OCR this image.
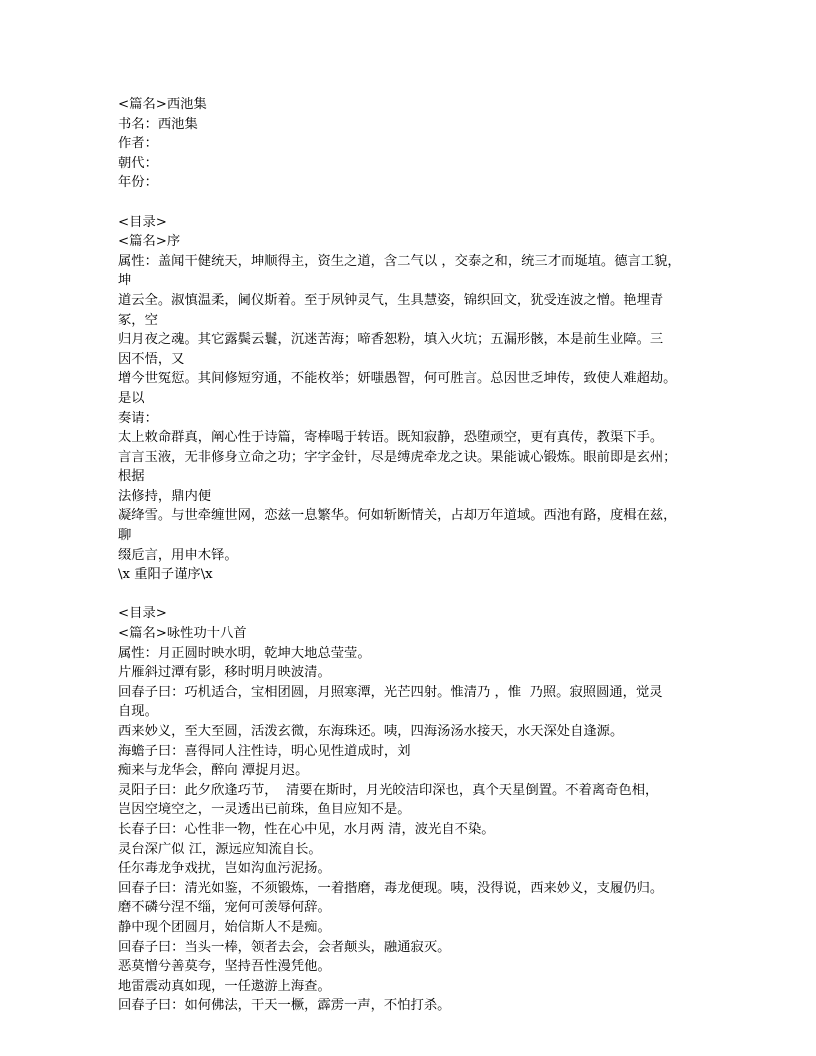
<篇名>西池集
书名：西池集
作者：
朝代：
年份：
<目录>
<篇名>序
属性：盖闻干健统天，坤顺得主，资生之道，含二气以 ，交泰之和，统三才而埏埴。德言工貌，
坤
道云全。淑慎温柔，阃仪斯着。至于夙钟灵气，生具慧姿，锦织回文，犹受连波之憎。艳埋青
冢，空
归月夜之魂。其它露鬓云鬟，沉迷苦海；啼香恕粉，填入火坑；五漏形骸，本是前生业障。三
因不悟，又
增今世冤愆。其间修短穷通，不能枚举；妍嗤愚智，何可胜言。总因世乏坤传，致使人难超劫。
是以
奏请：
太上敕命群真，阐心性于诗篇，寄棒喝于转语。既知寂静，恐堕顽空，更有真传，教渠下手。
言言玉液，无非修身立命之功；字字金针，尽是缚虎牵龙之诀。果能诚心锻炼。眼前即是玄州；
根据
法修持，鼎内便
凝绛雪。与世牵缠世网，恋兹一息繁华。何如斩断情关，占却万年道域。西池有路，度楫在兹，
聊
缀卮言，用申木铎。
\x 重阳子谨序\x
<目录>
<篇名>咏性功十八首
属性：月正圆时映水明，乾坤大地总莹莹。
片雁斜过潭有影，移时明月映波清。
回春子曰：巧机适合，宝相团圆，月照寒潭，光芒四射。惟清乃 ，惟  乃照。寂照圆通，觉灵
自现。
西来妙义，至大至圆，活泼玄微，东海珠还。咦，四海汤汤水接天，水天深处自逢源。
海蟾子曰：喜得同人注性诗，明心见性道成时，刘
痴来与龙华会，醉向 潭捉月迟。
灵阳子曰：此夕欣逢巧节，  清要在斯时，月光皎洁印深也，真个天星倒置。不着离奇色相，
岂因空境空之，一灵透出已前珠，鱼目应知不是。
长春子曰：心性非一物，性在心中见，水月两 清，波光自不染。
灵台深广似 江，源远应知流自长。
任尔毒龙争戏扰，岂如沟血污泥扬。
回春子曰：清光如鉴，不须锻炼，一着揩磨，毒龙便现。咦，没得说，西来妙义，支履仍归。
磨不磷兮涅不缁，宠何可羡辱何辞。
静中现个团圆月，始信斯人不是痴。
回春子曰：当头一棒，领者去会，会者颠头，融通寂灭。
恶莫憎兮善莫夸，坚持吾性漫凭他。
地雷震动真如现，一任遨游上海查。
回春子曰：如何佛法，干天一橛，霹雳一声，不怕打杀。
